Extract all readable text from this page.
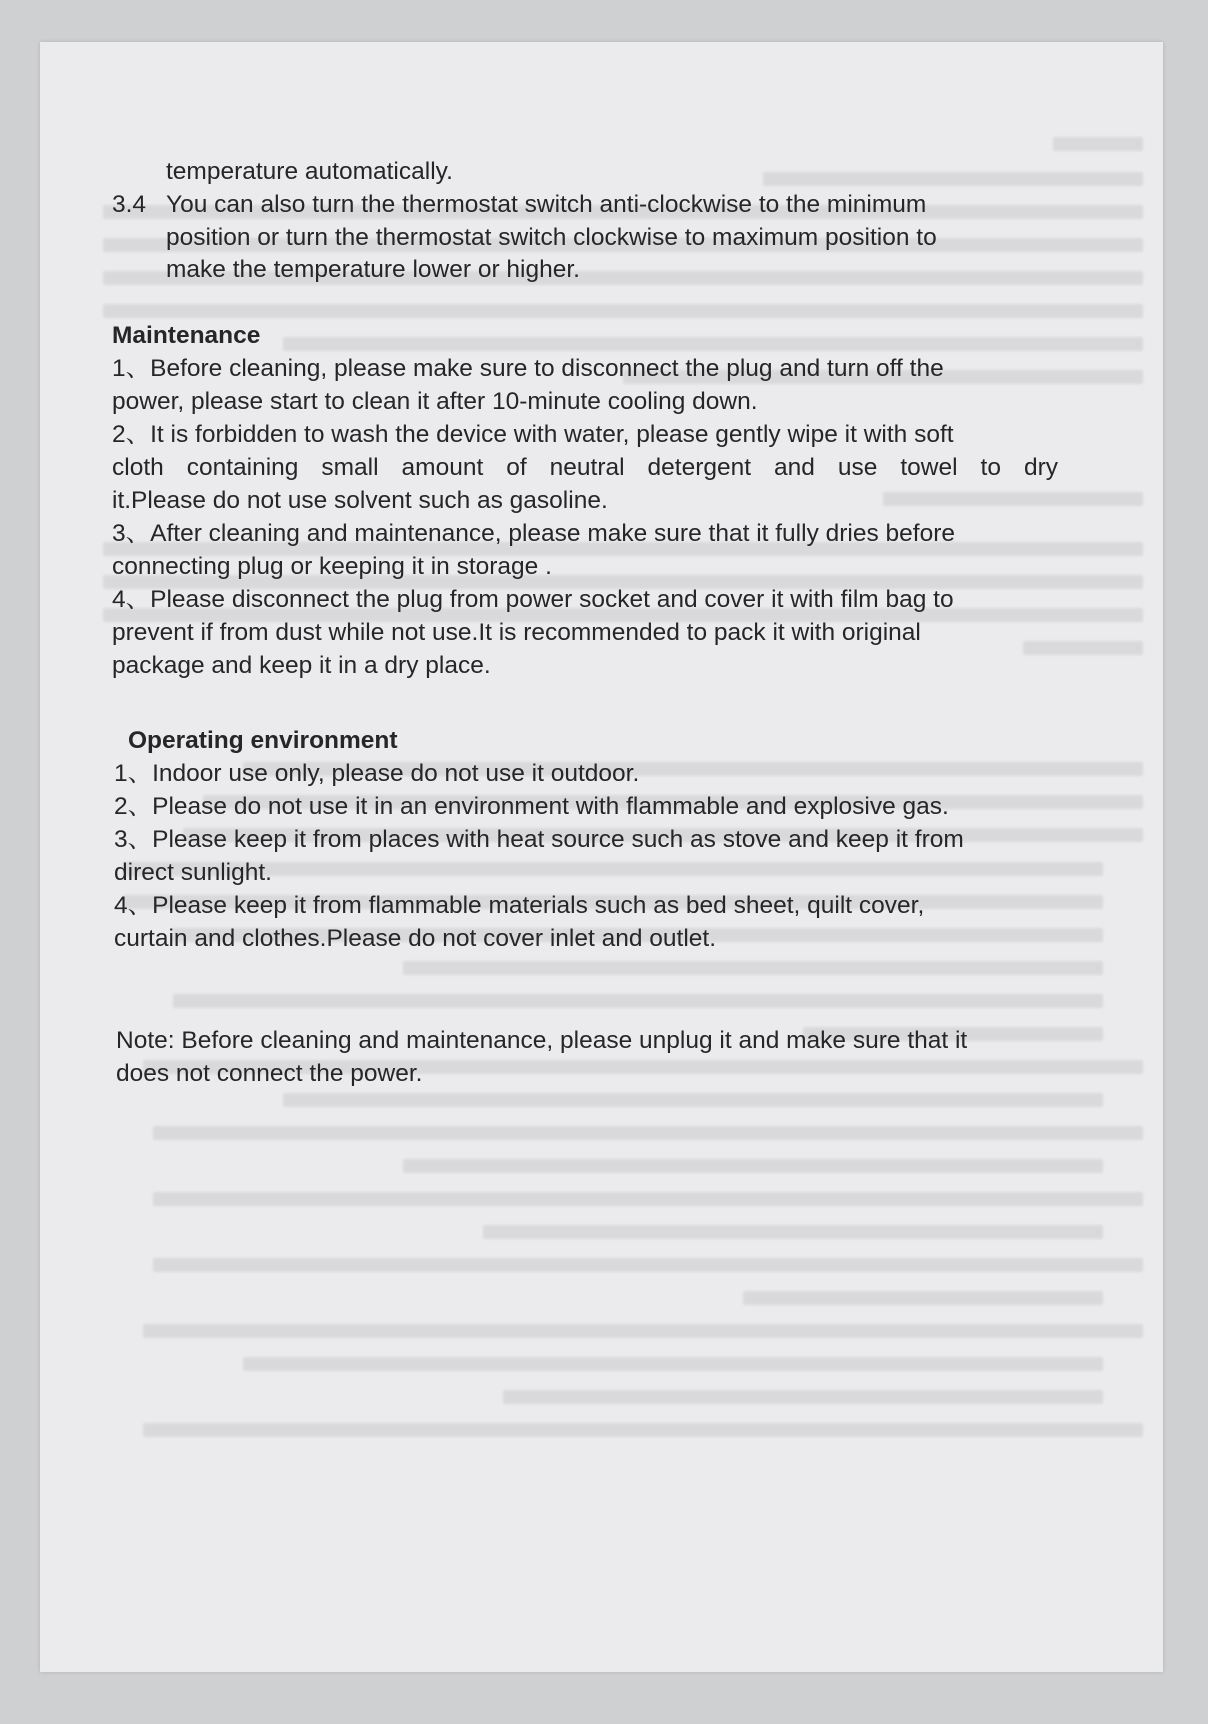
temperature automatically.
3.4 You can also turn the thermostat switch anti-clockwise to the minimum
position or turn the thermostat switch clockwise to maximum position to
make the temperature lower or higher.
Maintenance
1、Before cleaning, please make sure to disconnect the plug and turn off the
power, please start to clean it after 10-minute cooling down.
2、It is forbidden to wash the device with water, please gently wipe it with soft
cloth containing small amount of neutral detergent and use towel to dry
it.Please do not use solvent such as gasoline.
3、After cleaning and maintenance, please make sure that it fully dries before
connecting plug or keeping it in storage .
4、Please disconnect the plug from power socket and cover it with film bag to
prevent if from dust while not use.It is recommended to pack it with original
package and keep it in a dry place.
Operating environment
1、Indoor use only, please do not use it outdoor.
2、Please do not use it in an environment with flammable and explosive gas.
3、Please keep it from places with heat source such as stove and keep it from
direct sunlight.
4、Please keep it from flammable materials such as bed sheet, quilt cover,
curtain and clothes.Please do not cover inlet and outlet.
Note: Before cleaning and maintenance, please unplug it and make sure that it
does not connect the power.
